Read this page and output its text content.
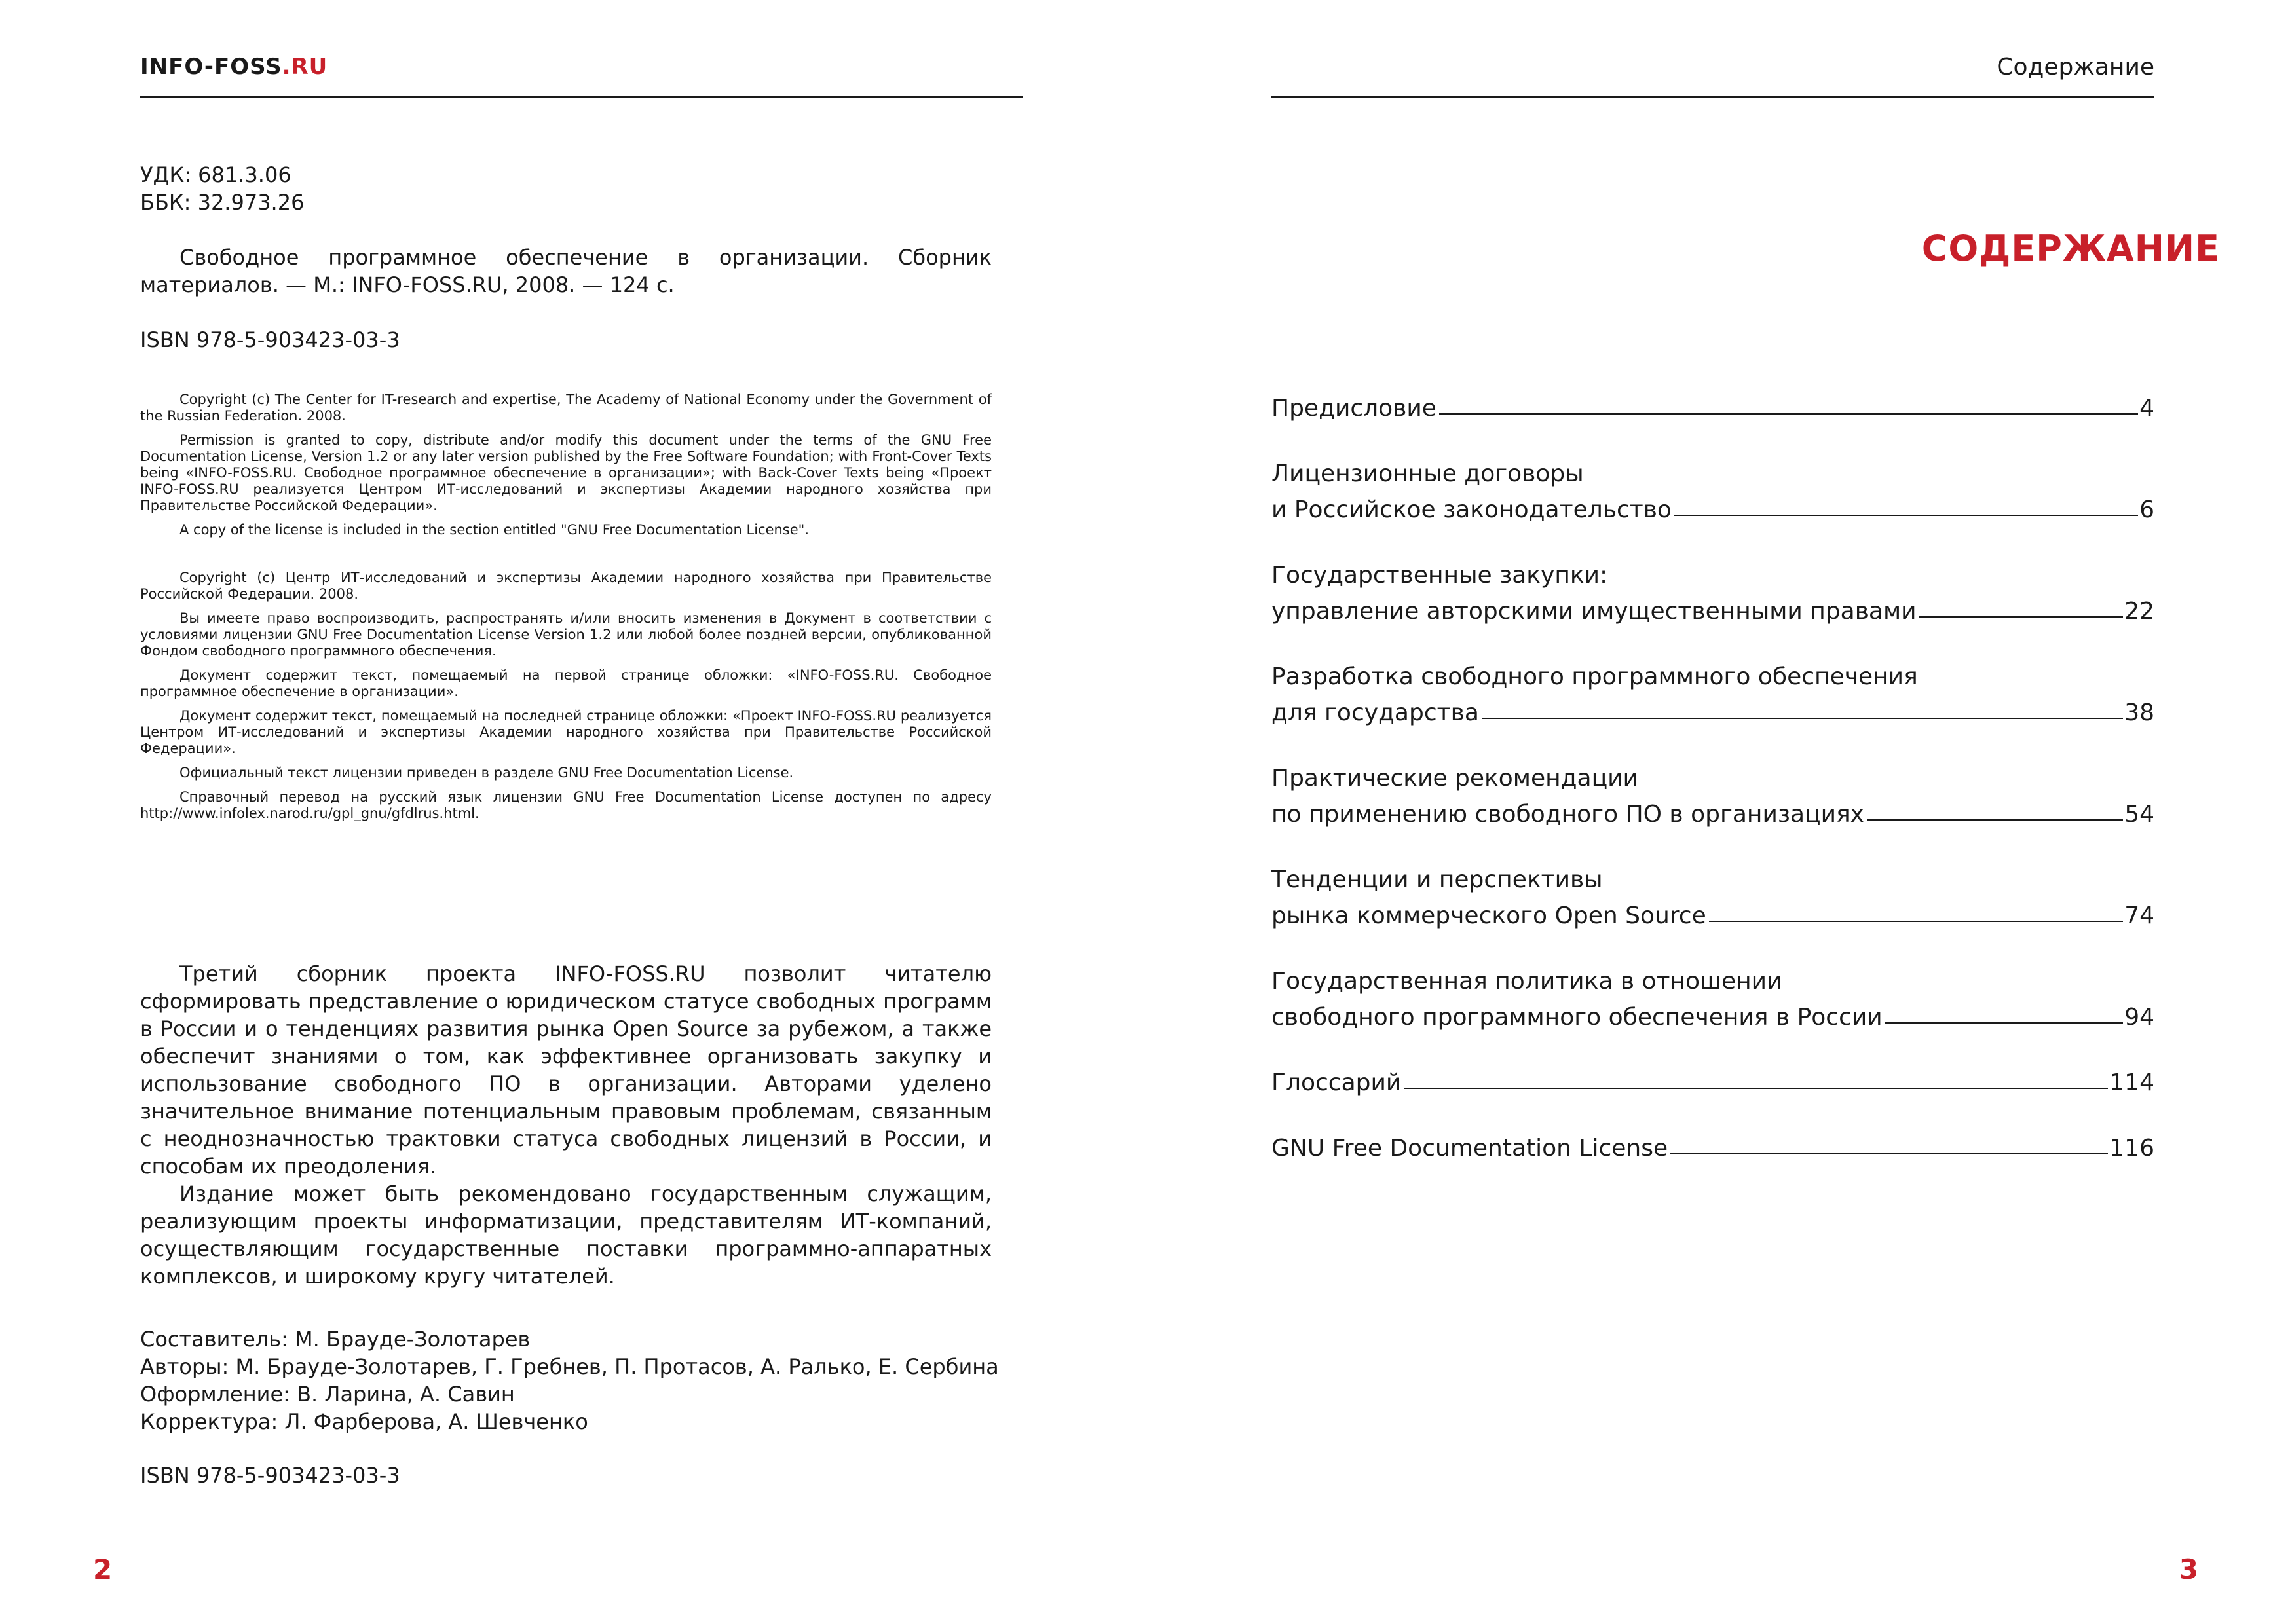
INFO-FOSS.RU
УДК: 681.3.06
ББК: 32.973.26
Свободное программное обеспечение в организации. Сборник материалов. — М.: INFO-FOSS.RU, 2008. — 124 с.
ISBN 978-5-903423-03-3

Copyright (c) The Center for IT-research and expertise, The Academy of National Economy under the Government of the Russian Federation. 2008.

Permission is granted to copy, distribute and/or modify this document under the terms of the GNU Free Documentation License, Version 1.2 or any later version published by the Free Software Foundation; with Front-Cover Texts being «INFO-FOSS.RU. Свободное программное обеспечение в организации»; with Back-Cover Texts being «Проект INFO-FOSS.RU реализуется Центром ИТ-исследований и экспертизы Академии народного хозяйства при Правительстве Российской Федерации».

A copy of the license is included in the section entitled "GNU Free Documentation License".

Copyright (c) Центр ИТ-исследований и экспертизы Академии народного хозяйства при Правительстве Российской Федерации. 2008.

Вы имеете право воспроизводить, распространять и/или вносить изменения в Документ в соответствии с условиями лицензии GNU Free Documentation License Version 1.2 или любой более поздней версии, опубликованной Фондом свободного программного обеспечения.

Документ содержит текст, помещаемый на первой странице обложки: «INFO-FOSS.RU. Свободное программное обеспечение в организации».

Документ содержит текст, помещаемый на последней странице обложки: «Проект INFO-FOSS.RU реализуется Центром ИТ-исследований и экспертизы Академии народного хозяйства при Правительстве Российской Федерации».

Официальный текст лицензии приведен в разделе GNU Free Documentation License.

Справочный перевод на русский язык лицензии GNU Free Documentation License доступен по адресу http://www.infolex.narod.ru/gpl_gnu/gfdlrus.html.

Третий сборник проекта INFO-FOSS.RU позволит читателю сформировать представление о юридическом статусе свободных программ в России и о тенденциях развития рынка Open Source за рубежом, а также обеспечит знаниями о том, как эффективнее организовать закупку и использование свободного ПО в организации. Авторами уделено значительное внимание потенциальным правовым проблемам, связанным с неоднозначностью трактовки статуса свободных лицензий в России, и способам их преодоления.
Издание может быть рекомендовано государственным служащим, реализующим проекты информатизации, представителям ИТ-компаний, осуществляющим государственные поставки программно-аппаратных комплексов, и широкому кругу читателей.
Составитель: М. Брауде-Золотарев
Авторы: М. Брауде-Золотарев, Г. Гребнев, П. Протасов, А. Ралько, Е. Сербина
Оформление: В. Ларина, А. Савин
Корректура: Л. Фарберова, А. Шевченко
ISBN 978-5-903423-03-3
2
Содержание
СОДЕРЖАНИЕ
Предисловие	4
Лицензионные договоры
и Российское законодательство	6
Государственные закупки:
управление авторскими имущественными правами	22
Разработка свободного программного обеспечения
для государства	38
Практические рекомендации
по применению свободного ПО в организациях	54
Тенденции и перспективы
рынка коммерческого Open Source	74
Государственная политика в отношении
свободного программного обеспечения в России	94
Глоссарий	114
GNU Free Documentation License	116
3
